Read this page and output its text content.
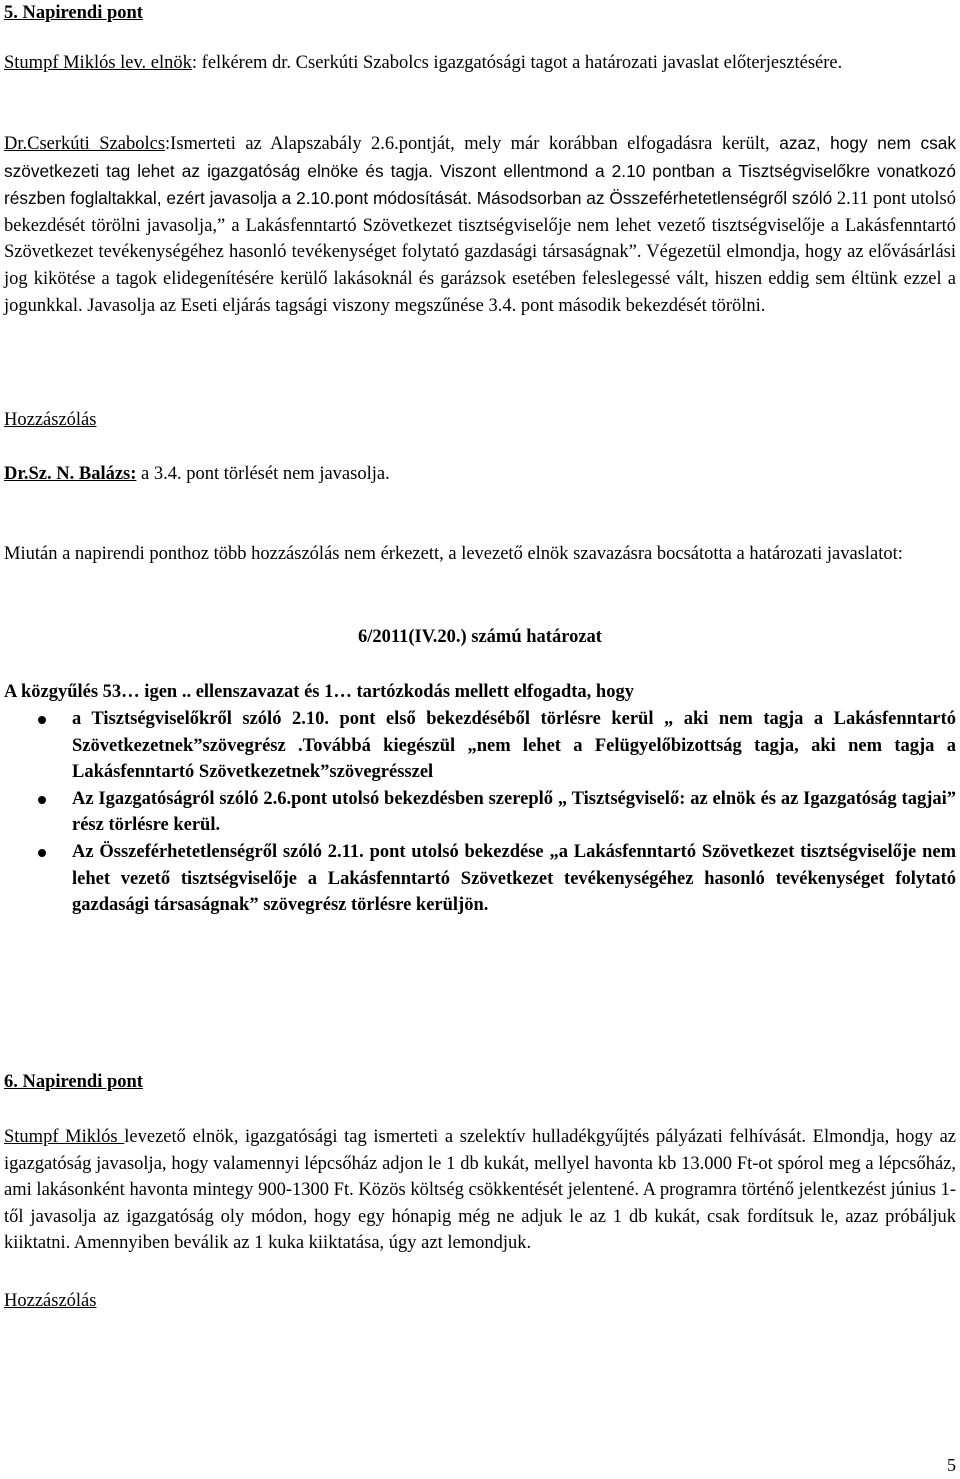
5. Napirendi pont

Stumpf Miklós lev. elnök: felkérem dr. Cserkúti Szabolcs igazgatósági tagot a határozati javaslat előterjesztésére.

Dr.Cserkúti Szabolcs:Ismerteti az Alapszabály 2.6.pontját, mely már korábban elfogadásra került, azaz, hogy nem csak szövetkezeti tag lehet az igazgatóság elnöke és tagja. Viszont ellentmond a 2.10 pontban a Tisztségviselőkre vonatkozó részben foglaltakkal, ezért javasolja a 2.10.pont módosítását. Másodsorban az Összeférhetetlenségről szóló 2.11 pont utolsó bekezdését törölni javasolja,” a Lakásfenntartó Szövetkezet tisztségviselője nem lehet vezető tisztségviselője a Lakásfenntartó Szövetkezet tevékenységéhez hasonló tevékenységet folytató gazdasági társaságnak”. Végezetül elmondja, hogy az elővásárlási jog kikötése a tagok elidegenítésére kerülő lakásoknál és garázsok esetében feleslegessé vált, hiszen eddig sem éltünk ezzel a jogunkkal. Javasolja az Eseti eljárás tagsági viszony megszűnése 3.4. pont második bekezdését törölni.

Hozzászólás
Dr.Sz. N. Balázs: a 3.4. pont törlését nem javasolja.

Miután a napirendi ponthoz több hozzászólás nem érkezett, a levezető elnök szavazásra bocsátotta a határozati javaslatot:

6/2011(IV.20.) számú határozat
A közgyűlés 53… igen .. ellenszavazat és 1… tartózkodás mellett elfogadta, hogy
a Tisztségviselőkről szóló 2.10. pont első bekezdéséből törlésre kerül „ aki nem tagja a Lakásfenntartó Szövetkezetnek”szövegrész .Továbbá kiegészül „nem lehet a Felügyelőbizottság tagja, aki nem tagja a Lakásfenntartó Szövetkezetnek”szövegrésszel
Az Igazgatóságról szóló 2.6.pont utolsó bekezdésben szereplő „ Tisztségviselő: az elnök és az Igazgatóság tagjai” rész törlésre kerül.
Az Összeférhetetlenségről szóló 2.11. pont utolsó bekezdése „a Lakásfenntartó Szövetkezet tisztségviselője nem lehet vezető tisztségviselője a Lakásfenntartó Szövetkezet tevékenységéhez hasonló tevékenységet folytató gazdasági társaságnak” szövegrész törlésre kerüljön.
6. Napirendi pont

Stumpf Miklós levezető elnök, igazgatósági tag ismerteti a szelektív hulladékgyűjtés pályázati felhívását. Elmondja, hogy az igazgatóság javasolja, hogy valamennyi lépcsőház adjon le 1 db kukát, mellyel havonta kb 13.000 Ft-ot spórol meg a lépcsőház, ami lakásonként havonta mintegy 900-1300 Ft. Közös költség csökkentését jelentené. A programra történő jelentkezést június 1-től javasolja az igazgatóság oly módon, hogy egy hónapig még ne adjuk le az 1 db kukát, csak fordítsuk le, azaz próbáljuk kiiktatni. Amennyiben beválik az 1 kuka kiiktatása, úgy azt lemondjuk.

Hozzászólás
5
